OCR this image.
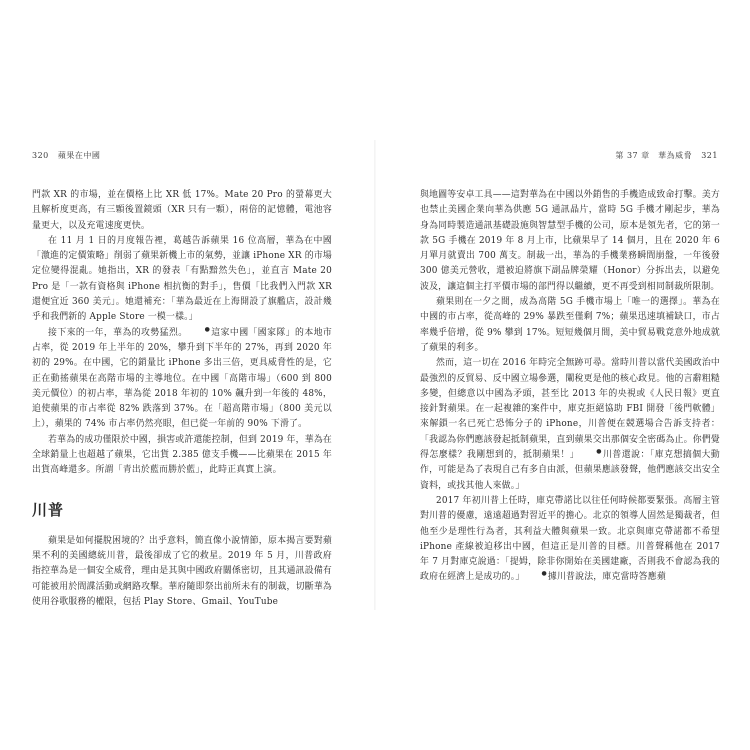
320 蘋果在中國	第 37 章　華為威脅 321

門款 XR 的市場，並在價格上比 XR 低 17%。Mate 20 Pro 的螢幕更大且解析度更高，有三顆後置鏡頭（XR 只有一顆），兩倍的記憶體，電池容量更大，以及充電速度更快。

在 11 月 1 日的月度報告裡，葛越告訴蘋果 16 位高層，華為在中國「激進的定價策略」削弱了蘋果新機上市的氣勢，並讓 iPhone XR 的市場定位變得混亂。她指出，XR 的發表「有點黯然失色」，並直言 Mate 20 Pro 是「一款有資格與 iPhone 相抗衡的對手」，售價「比我們入門款 XR 還便宜近 360 美元」。她還補充：「華為最近在上海開設了旗艦店，設計幾乎和我們新的 Apple Store 一模一樣。」

接下來的一年，華為的攻勢猛烈。	●這家中國「國家隊」的本地市占率，從 2019 年上半年的 20%，攀升到下半年的 27%，再到 2020 年初的 29%。在中國，它的銷量比 iPhone 多出三倍，更具威脅性的是，它正在動搖蘋果在高階市場的主導地位。在中國「高階市場」（600 到 800 美元價位）的初占率，華為從 2018 年初的 10% 飆升到一年後的 48%，追使蘋果的市占率從 82% 跌落到 37%。在「超高階市場」（800 美元以上），蘋果的 74% 市占率仍然亮眼，但已從一年前的 90% 下滑了。

若華為的成功僅限於中國，損害或許還能控制，但到 2019 年，華為在全球銷量上也超越了蘋果，它出貨 2.385 億支手機——比蘋果在 2015 年出貨高峰還多。所謂「青出於藍而勝於藍」，此時正真實上演。

川普

蘋果是如何擺脫困境的？出乎意料，簡直像小說情節，原本揭言要對蘋果不利的美國總統川普，最後卻成了它的救星。2019 年 5 月，川普政府指控華為是一個安全威脅，理由是其與中國政府關係密切，且其通訊設備有可能被用於間諜活動或網路攻擊。華府隨即祭出前所未有的制裁，切斷華為使用谷歌服務的權限，包括 Play Store、Gmail、YouTube

與地圖等安卓工具——這對華為在中國以外銷售的手機造成致命打擊。美方也禁止美國企業向華為供應 5G 通訊晶片，當時 5G 手機才剛起步，華為身為同時製造通訊基礎設施與智慧型手機的公司，原本是領先者，它的第一款 5G 手機在 2019 年 8 月上市，比蘋果早了 14 個月，且在 2020 年 6 月單月就賣出 700 萬支。制裁一出，華為的手機業務瞬間崩盤，一年後發 300 億美元營收，還被迫將旗下副品牌榮耀（Honor）分拆出去，以避免波及，讓這個主打平價市場的部門得以繼續，更不再受到相同制裁所限制。

蘋果則在一夕之間，成為高階 5G 手機市場上「唯一的選擇」。華為在中國的市占率，從高峰的 29% 暴跌至僅剩 7%；蘋果迅速填補缺口，市占率幾乎倍增，從 9% 攀到 17%。短短幾個月間，美中貿易戰竟意外地成就了蘋果的利多。

然而，這一切在 2016 年時完全無跡可尋。當時川普以當代美國政治中最強烈的反貿易、反中國立場參選，闡稅更是他的核心政見。他的言辭粗糙多變，但總意以中國為矛頭，甚至比 2013 年的央視或《人民日報》更直接針對蘋果。在一起複雜的案件中，庫克拒絕協助 FBI 開發「後門軟體」來解鎖一名已死亡恐怖分子的 iPhone，川普便在競選場合告訴支持者：「我認為你們應該發起抵制蘋果，直到蘋果交出那個安全密碼為止。你們覺得怎麼樣？我剛想到的，抵制蘋果！」	●川普還說：「庫克想搞個大動作，可能是為了表現自己有多自由派，但蘋果應該發聲，他們應該交出安全資料，或找其他人來做。」

2017 年初川普上任時，庫克帶諾比以往任何時候都要緊張。高層主管對川普的優慮，遠遠超過對習近平的擔心。北京的領導人固然是獨裁者，但他至少是理性行為者，其利益大體與蘋果一致。北京與庫克帶諾都不希望 iPhone 產線被迫移出中國，但這正是川普的目標。川普聲稱他在 2017 年 7 月對庫克說過：「提姆，除非你開始在美國建廠，否則我不會認為我的政府在經濟上是成功的。」	●據川普說法，庫克當時答應蘋
